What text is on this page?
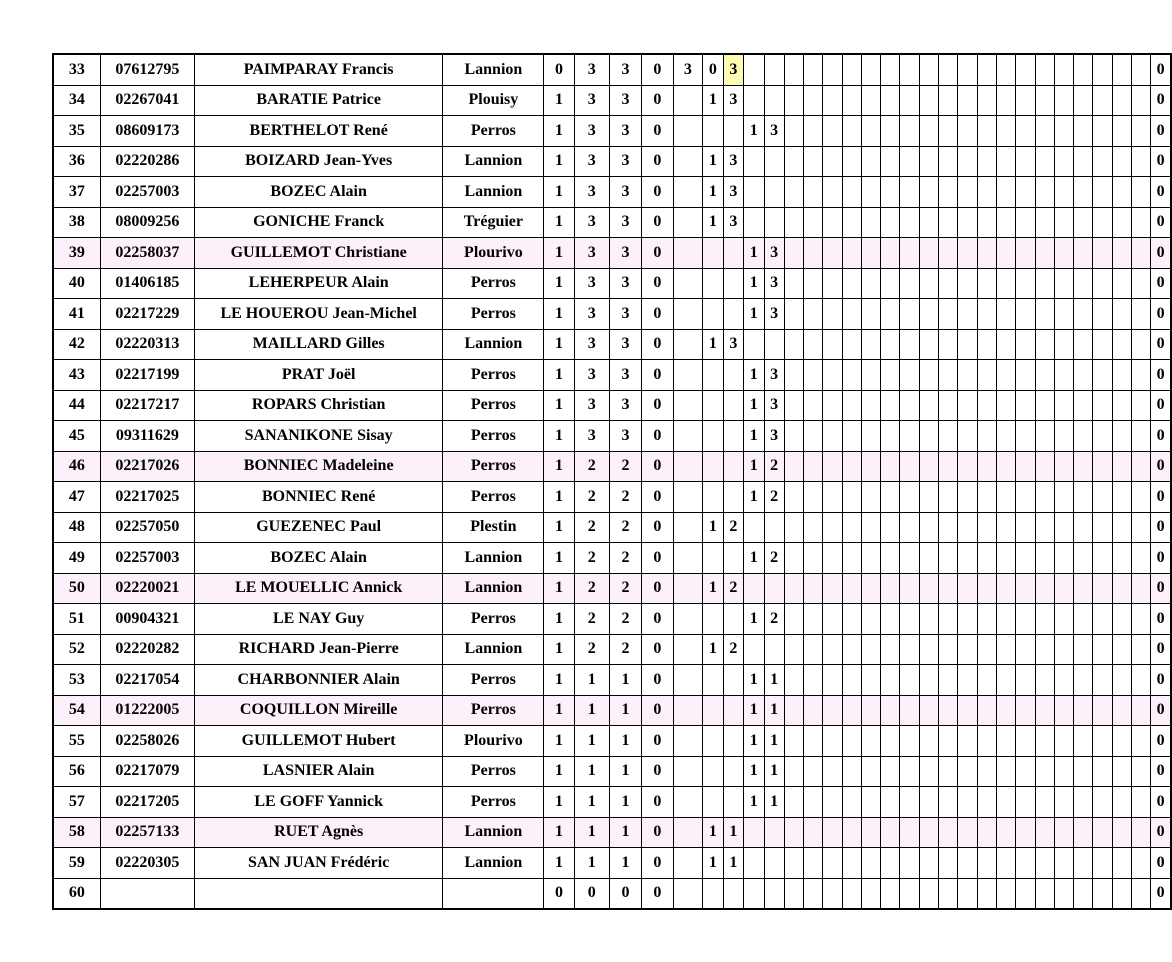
33	07612795	PAIMPARAY Francis	Lannion	0	3	3	0	3	0	3																						0
34	02267041	BARATIE Patrice	Plouisy	1	3	3	0		1	3																						0
35	08609173	BERTHELOT René	Perros	1	3	3	0				1	3																				0
36	02220286	BOIZARD Jean-Yves	Lannion	1	3	3	0		1	3																						0
37	02257003	BOZEC Alain	Lannion	1	3	3	0		1	3																						0
38	08009256	GONICHE Franck	Tréguier	1	3	3	0		1	3																						0
39	02258037	GUILLEMOT Christiane	Plourivo	1	3	3	0				1	3																				0
40	01406185	LEHERPEUR Alain	Perros	1	3	3	0				1	3																				0
41	02217229	LE HOUEROU Jean-Michel	Perros	1	3	3	0				1	3																				0
42	02220313	MAILLARD Gilles	Lannion	1	3	3	0		1	3																						0
43	02217199	PRAT Joël	Perros	1	3	3	0				1	3																				0
44	02217217	ROPARS Christian	Perros	1	3	3	0				1	3																				0
45	09311629	SANANIKONE Sisay	Perros	1	3	3	0				1	3																				0
46	02217026	BONNIEC Madeleine	Perros	1	2	2	0				1	2																				0
47	02217025	BONNIEC René	Perros	1	2	2	0				1	2																				0
48	02257050	GUEZENEC Paul	Plestin	1	2	2	0		1	2																						0
49	02257003	BOZEC Alain	Lannion	1	2	2	0				1	2																				0
50	02220021	LE MOUELLIC Annick	Lannion	1	2	2	0		1	2																						0
51	00904321	LE NAY Guy	Perros	1	2	2	0				1	2																				0
52	02220282	RICHARD Jean-Pierre	Lannion	1	2	2	0		1	2																						0
53	02217054	CHARBONNIER Alain	Perros	1	1	1	0				1	1																				0
54	01222005	COQUILLON Mireille	Perros	1	1	1	0				1	1																				0
55	02258026	GUILLEMOT Hubert	Plourivo	1	1	1	0				1	1																				0
56	02217079	LASNIER Alain	Perros	1	1	1	0				1	1																				0
57	02217205	LE GOFF Yannick	Perros	1	1	1	0				1	1																				0
58	02257133	RUET Agnès	Lannion	1	1	1	0		1	1																						0
59	02220305	SAN JUAN Frédéric	Lannion	1	1	1	0		1	1																						0
60				0	0	0	0																									0
